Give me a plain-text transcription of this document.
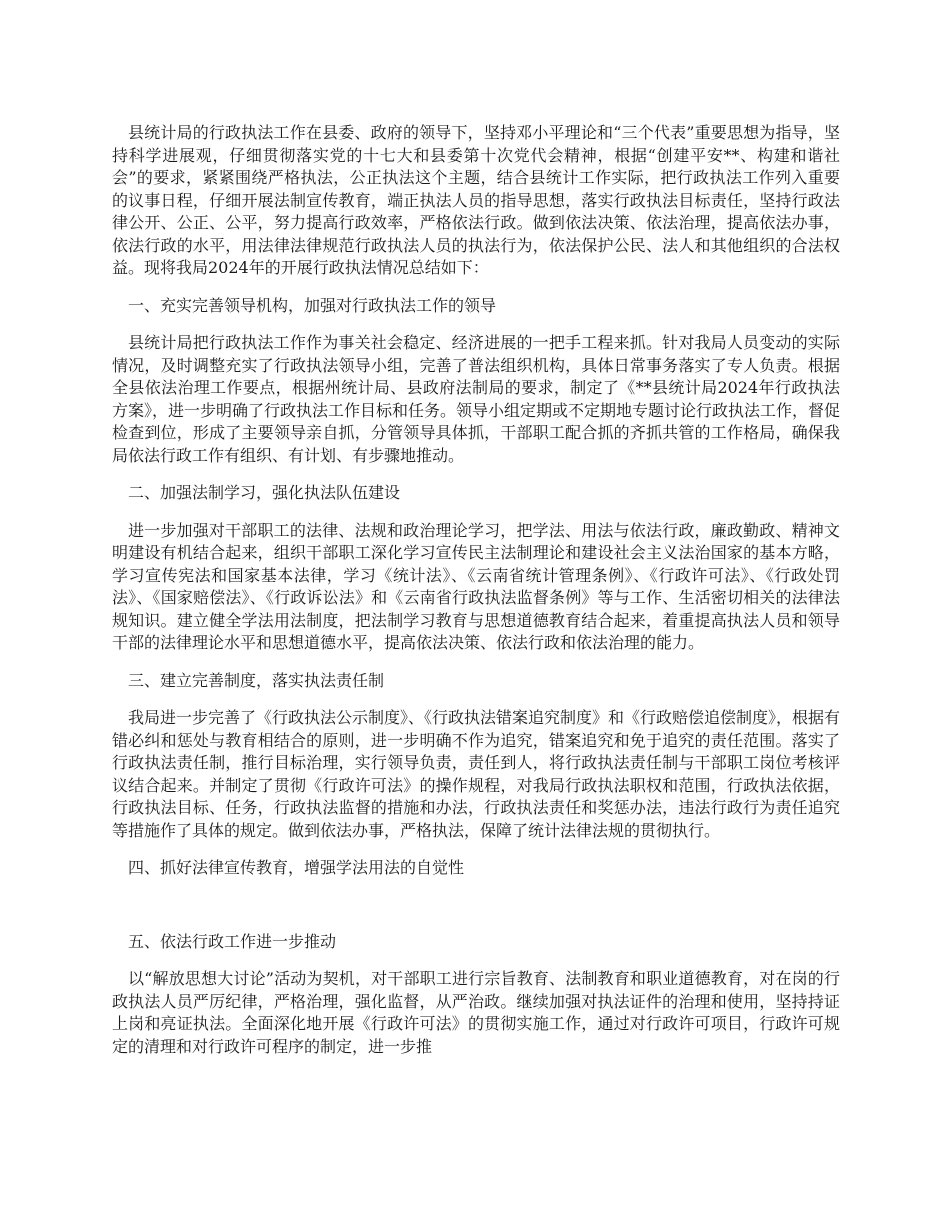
县统计局的行政执法工作在县委、政府的领导下，坚持邓小平理论和“三个代表”重要思想为指导，坚持科学进展观，仔细贯彻落实党的十七大和县委第十次党代会精神，根据“创建平安**、构建和谐社会”的要求，紧紧围绕严格执法，公正执法这个主题，结合县统计工作实际，把行政执法工作列入重要的议事日程，仔细开展法制宣传教育，端正执法人员的指导思想，落实行政执法目标责任，坚持行政法律公开、公正、公平，努力提高行政效率，严格依法行政。做到依法决策、依法治理，提高依法办事，依法行政的水平，用法律法律规范行政执法人员的执法行为，依法保护公民、法人和其他组织的合法权益。现将我局2024年的开展行政执法情况总结如下：

一、充实完善领导机构，加强对行政执法工作的领导

县统计局把行政执法工作作为事关社会稳定、经济进展的一把手工程来抓。针对我局人员变动的实际情况，及时调整充实了行政执法领导小组，完善了普法组织机构，具体日常事务落实了专人负责。根据全县依法治理工作要点，根据州统计局、县政府法制局的要求，制定了《**县统计局2024年行政执法方案》，进一步明确了行政执法工作目标和任务。领导小组定期或不定期地专题讨论行政执法工作，督促检查到位，形成了主要领导亲自抓，分管领导具体抓，干部职工配合抓的齐抓共管的工作格局，确保我局依法行政工作有组织、有计划、有步骤地推动。

二、加强法制学习，强化执法队伍建设

进一步加强对干部职工的法律、法规和政治理论学习，把学法、用法与依法行政，廉政勤政、精神文明建设有机结合起来，组织干部职工深化学习宣传民主法制理论和建设社会主义法治国家的基本方略，学习宣传宪法和国家基本法律，学习《统计法》、《云南省统计管理条例》、《行政许可法》、《行政处罚法》、《国家赔偿法》、《行政诉讼法》和《云南省行政执法监督条例》等与工作、生活密切相关的法律法规知识。建立健全学法用法制度，把法制学习教育与思想道德教育结合起来，着重提高执法人员和领导干部的法律理论水平和思想道德水平，提高依法决策、依法行政和依法治理的能力。

三、建立完善制度，落实执法责任制

我局进一步完善了《行政执法公示制度》、《行政执法错案追究制度》和《行政赔偿追偿制度》，根据有错必纠和惩处与教育相结合的原则，进一步明确不作为追究，错案追究和免于追究的责任范围。落实了行政执法责任制，推行目标治理，实行领导负责，责任到人，将行政执法责任制与干部职工岗位考核评议结合起来。并制定了贯彻《行政许可法》的操作规程，对我局行政执法职权和范围，行政执法依据，行政执法目标、任务，行政执法监督的措施和办法，行政执法责任和奖惩办法，违法行政行为责任追究等措施作了具体的规定。做到依法办事，严格执法，保障了统计法律法规的贯彻执行。

四、抓好法律宣传教育，增强学法用法的自觉性

五、依法行政工作进一步推动

以“解放思想大讨论”活动为契机，对干部职工进行宗旨教育、法制教育和职业道德教育，对在岗的行政执法人员严厉纪律，严格治理，强化监督，从严治政。继续加强对执法证件的治理和使用，坚持持证上岗和亮证执法。全面深化地开展《行政许可法》的贯彻实施工作，通过对行政许可项目，行政许可规定的清理和对行政许可程序的制定，进一步推
